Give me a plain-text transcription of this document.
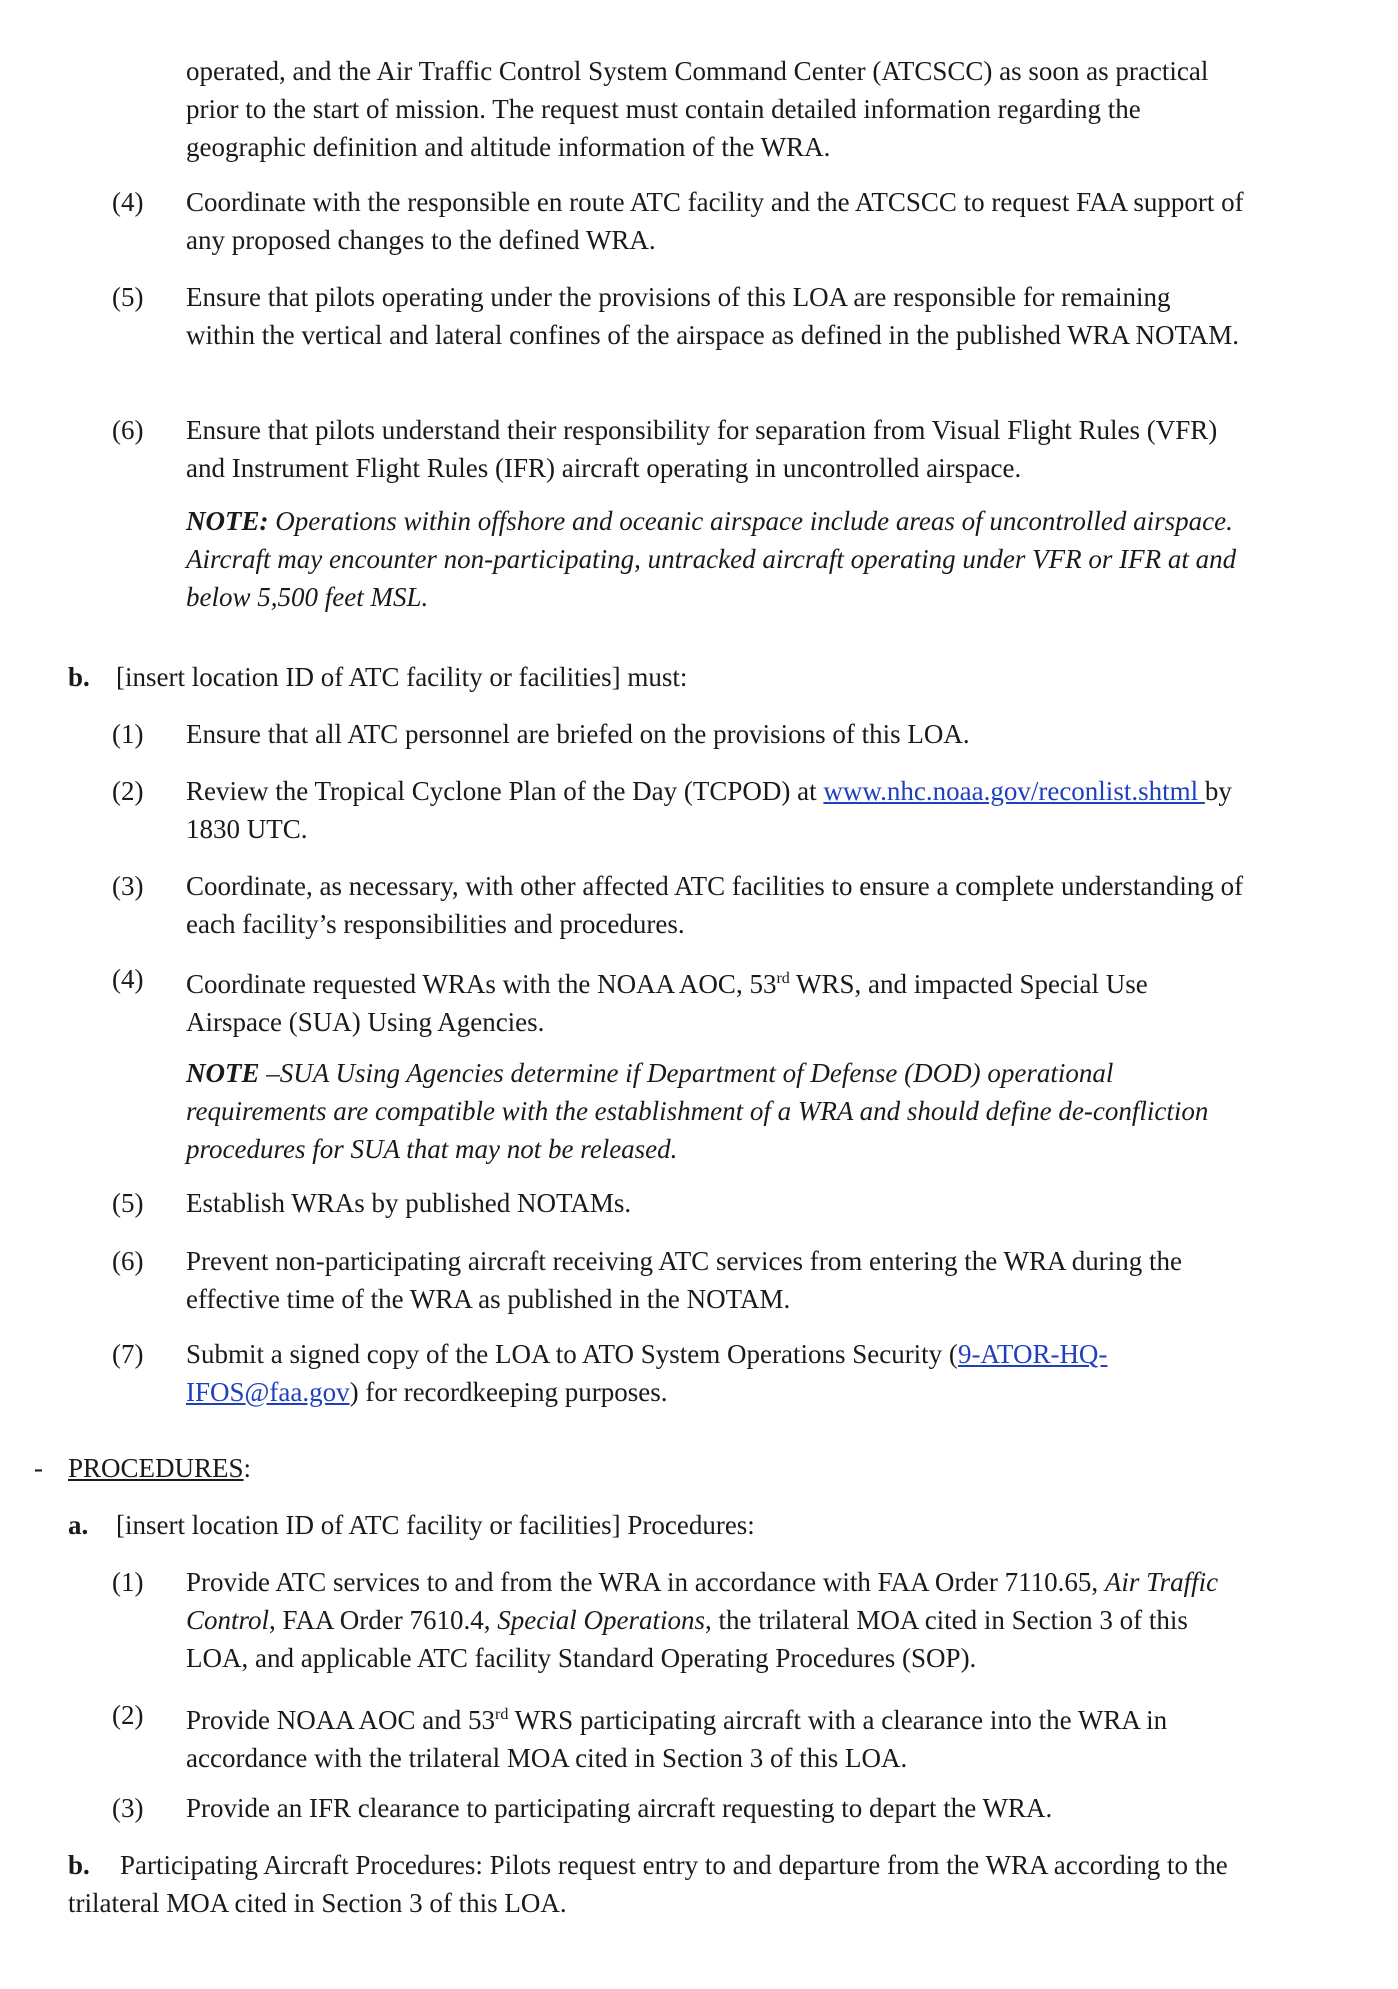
operated, and the Air Traffic Control System Command Center (ATCSCC) as soon as practical prior to the start of mission. The request must contain detailed information regarding the geographic definition and altitude information of the WRA.
(4) Coordinate with the responsible en route ATC facility and the ATCSCC to request FAA support of any proposed changes to the defined WRA.
(5) Ensure that pilots operating under the provisions of this LOA are responsible for remaining within the vertical and lateral confines of the airspace as defined in the published WRA NOTAM.
(6) Ensure that pilots understand their responsibility for separation from Visual Flight Rules (VFR) and Instrument Flight Rules (IFR) aircraft operating in uncontrolled airspace.
NOTE: Operations within offshore and oceanic airspace include areas of uncontrolled airspace. Aircraft may encounter non-participating, untracked aircraft operating under VFR or IFR at and below 5,500 feet MSL.
b. [insert location ID of ATC facility or facilities] must:
(1) Ensure that all ATC personnel are briefed on the provisions of this LOA.
(2) Review the Tropical Cyclone Plan of the Day (TCPOD) at www.nhc.noaa.gov/reconlist.shtml by 1830 UTC.
(3) Coordinate, as necessary, with other affected ATC facilities to ensure a complete understanding of each facility’s responsibilities and procedures.
(4) Coordinate requested WRAs with the NOAA AOC, 53rd WRS, and impacted Special Use Airspace (SUA) Using Agencies.
NOTE –SUA Using Agencies determine if Department of Defense (DOD) operational requirements are compatible with the establishment of a WRA and should define de-confliction procedures for SUA that may not be released.
(5) Establish WRAs by published NOTAMs.
(6) Prevent non-participating aircraft receiving ATC services from entering the WRA during the effective time of the WRA as published in the NOTAM.
(7) Submit a signed copy of the LOA to ATO System Operations Security (9-ATOR-HQ-IFOS@faa.gov) for recordkeeping purposes.
- PROCEDURES:
a. [insert location ID of ATC facility or facilities] Procedures:
(1) Provide ATC services to and from the WRA in accordance with FAA Order 7110.65, Air Traffic Control, FAA Order 7610.4, Special Operations, the trilateral MOA cited in Section 3 of this LOA, and applicable ATC facility Standard Operating Procedures (SOP).
(2) Provide NOAA AOC and 53rd WRS participating aircraft with a clearance into the WRA in accordance with the trilateral MOA cited in Section 3 of this LOA.
(3) Provide an IFR clearance to participating aircraft requesting to depart the WRA.
b.	Participating Aircraft Procedures: Pilots request entry to and departure from the WRA according to the trilateral MOA cited in Section 3 of this LOA.
